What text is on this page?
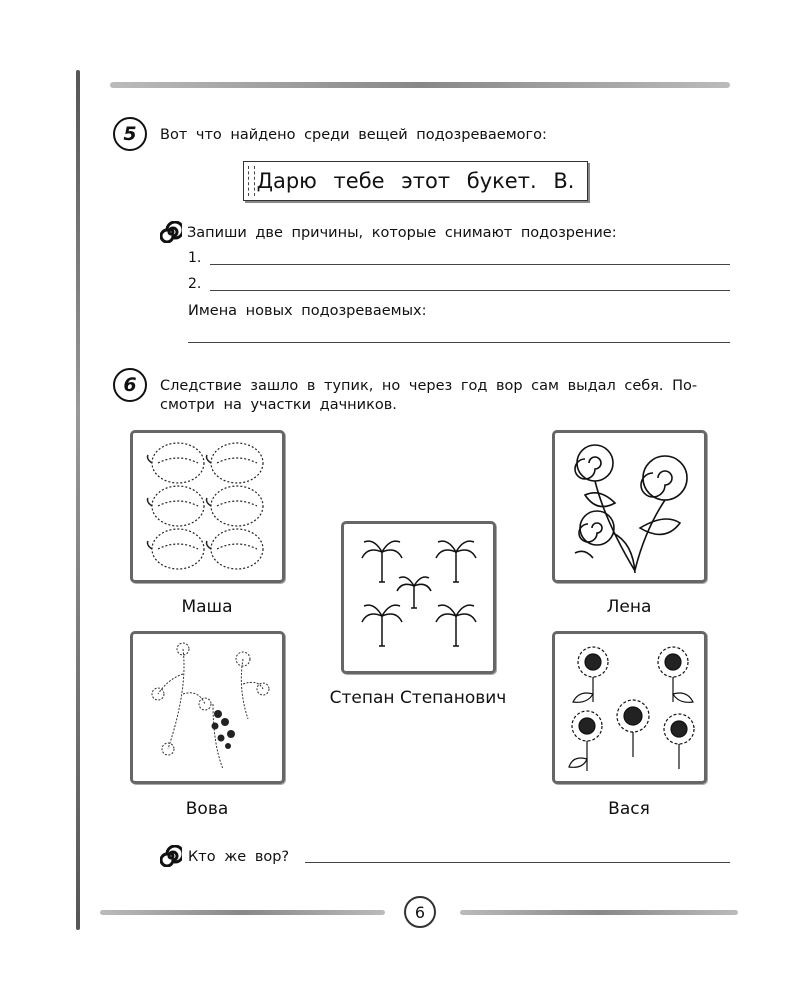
5	Вот что найдено среди вещей подозреваемого:
Дарю тебе этот букет. В.
Запиши две причины, которые снимают подозрение:
1.
2.
Имена новых подозреваемых:
6	Следствие зашло в тупик, но через год вор сам выдал себя. По-
смотри на участки дачников.
Маша	Лена
Степан Степанович
Вова	Вася
Кто же вор?
6
